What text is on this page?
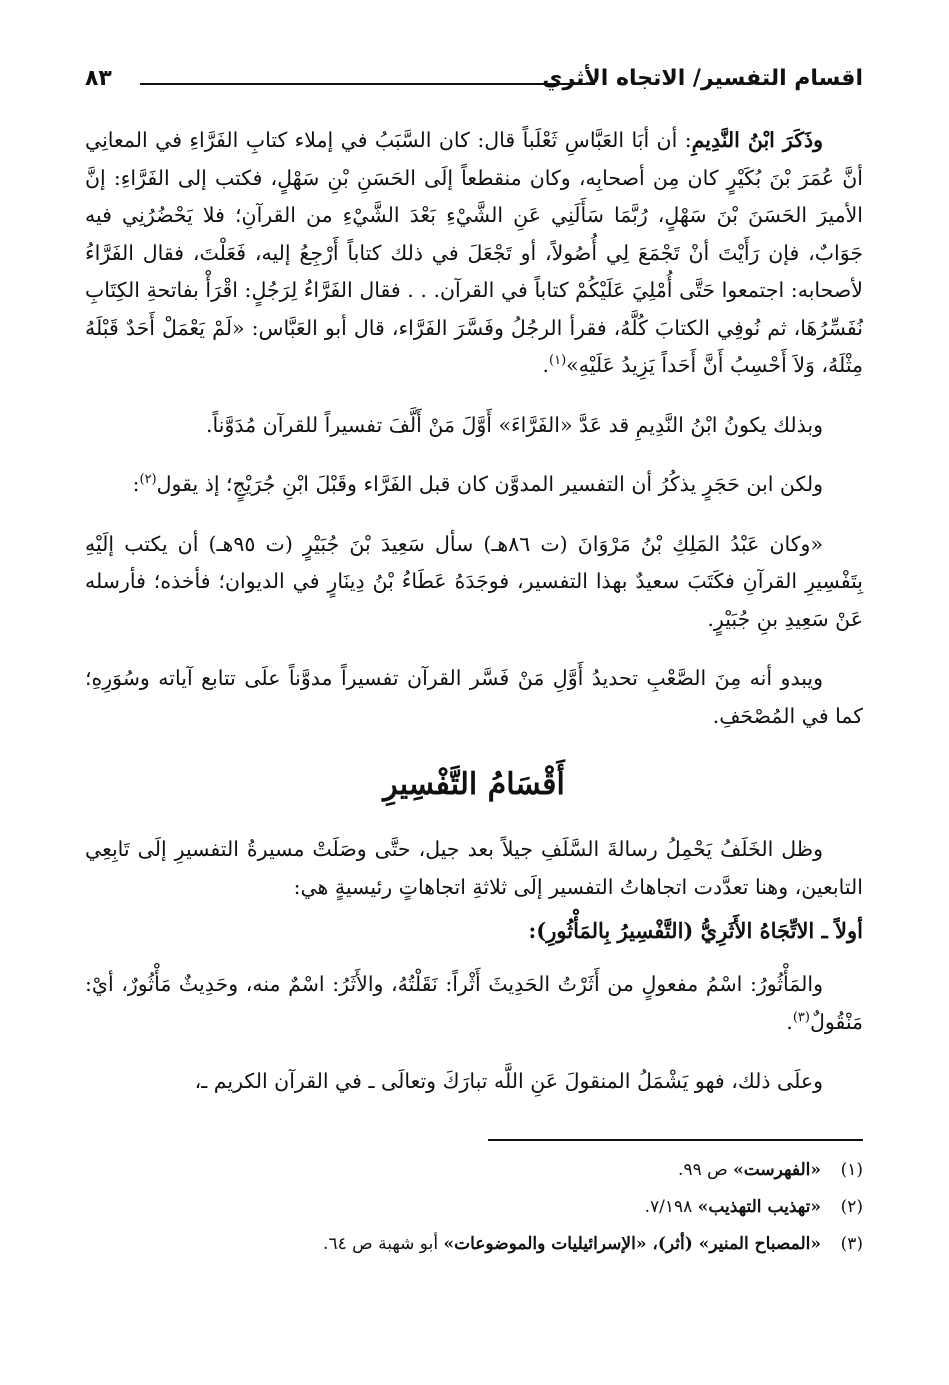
اقسام التفسير/ الاتجاه الأثري
٨٣

وذَكَرَ ابْنُ النَّدِيمِ: أن أبَا العَبَّاسِ ثَعْلَباً قال: كان السَّبَبُ في إملاء كتابِ الفَرَّاءِ في المعانِي أنَّ عُمَرَ بْنَ بُكَيْرٍ كان مِن أصحابِه، وكان منقطعاً إلَى الحَسَنِ بْنِ سَهْلٍ، فكتب إلى الفَرَّاءِ: إنَّ الأميرَ الحَسَنَ بْنَ سَهْلٍ، رُبَّمَا سَأَلَنِي عَنِ الشَّيْءِ بَعْدَ الشَّيْءِ من القرآنِ؛ فلا يَحْضُرُنِي فيه جَوَابٌ، فإن رَأَيْتَ أنْ تَجْمَعَ لِي أُصُولاً، أو تَجْعَلَ في ذلك كتاباً أَرْجِعُ إليه، فَعَلْتَ، فقال الفَرَّاءُ لأصحابه: اجتمعوا حَتَّى أُمْلِيَ عَلَيْكُمْ كتاباً في القرآن. . . فقال الفَرَّاءُ لِرَجُلٍ: اقْرَأْ بفاتحةِ الكِتَابِ نُفَسِّرُهَا، ثم نُوفِي الكتابَ كُلَّهُ، فقرأ الرجُلُ وفَسَّرَ الفَرَّاء، قال أبو العَبَّاس: «لَمْ يَعْمَلْ أَحَدٌ قَبْلَهُ مِثْلَهُ، وَلاَ أَحْسِبُ أَنَّ أَحَداً يَزِيدُ عَلَيْهِ»$^{(١)}$.

وبذلك يكونُ ابْنُ النَّدِيمِ قد عَدَّ «الفَرَّاءَ» أَوَّلَ مَنْ أَلَّفَ تفسيراً للقرآن مُدَوَّناً.

ولكن ابن حَجَرٍ يذكُرُ أن التفسير المدوَّن كان قبل الفَرَّاء وقَبْلَ ابْنِ جُرَيْجٍ؛ إذ يقول$^{(٢)}$:

«وكان عَبْدُ المَلِكِ بْنُ مَرْوَانَ (ت ٨٦هـ) سأل سَعِيدَ بْنَ جُبَيْرٍ (ت ٩٥هـ) أن يكتب إلَيْهِ بِتَفْسِيرِ القرآنِ فكَتَبَ سعيدٌ بهذا التفسير، فوجَدَهُ عَطَاءُ بْنُ دِينَارٍ في الديوان؛ فأخذه؛ فأرسله عَنْ سَعِيدِ بنِ جُبَيْرٍ.

ويبدو أنه مِنَ الصَّعْبِ تحديدُ أَوَّلِ مَنْ فَسَّر القرآن تفسيراً مدوَّناً علَى تتابع آياته وسُوَرِهِ؛ كما في المُصْحَفِ.

أَقْسَامُ التَّفْسِيرِ

وظل الخَلَفُ يَحْمِلُ رسالةَ السَّلَفِ جيلاً بعد جيل، حتَّى وصَلَتْ مسيرةُ التفسيرِ إلَى تَابِعِي التابعين، وهنا تعدَّدت اتجاهاتُ التفسير إلَى ثلاثةِ اتجاهاتٍ رئيسيةٍ هي:

أولاً ـ الاتِّجَاهُ الأَثَرِيُّ (التَّفْسِيرُ بِالمَأْثُورِ):

والمَأْثُورُ: اسْمُ مفعولٍ من أَثَرْتُ الحَدِيثَ أَثْراً: نَقَلْتُهُ، والأَثَرُ: اسْمٌ منه، وحَدِيثٌ مَأْثُورٌ، أيْ: مَنْقُولٌ$^{(٣)}$.

وعلَى ذلك، فهو يَشْمَلُ المنقولَ عَنِ اللَّه تبارَكَ وتعالَى ـ في القرآن الكريم ـ،

(١)«الفهرست» ص ٩٩.
(٢)«تهذيب التهذيب» ٧/١٩٨.
(٣)«المصباح المنير» (أثر)، «الإسرائيليات والموضوعات» أبو شهبة ص ٦٤.
